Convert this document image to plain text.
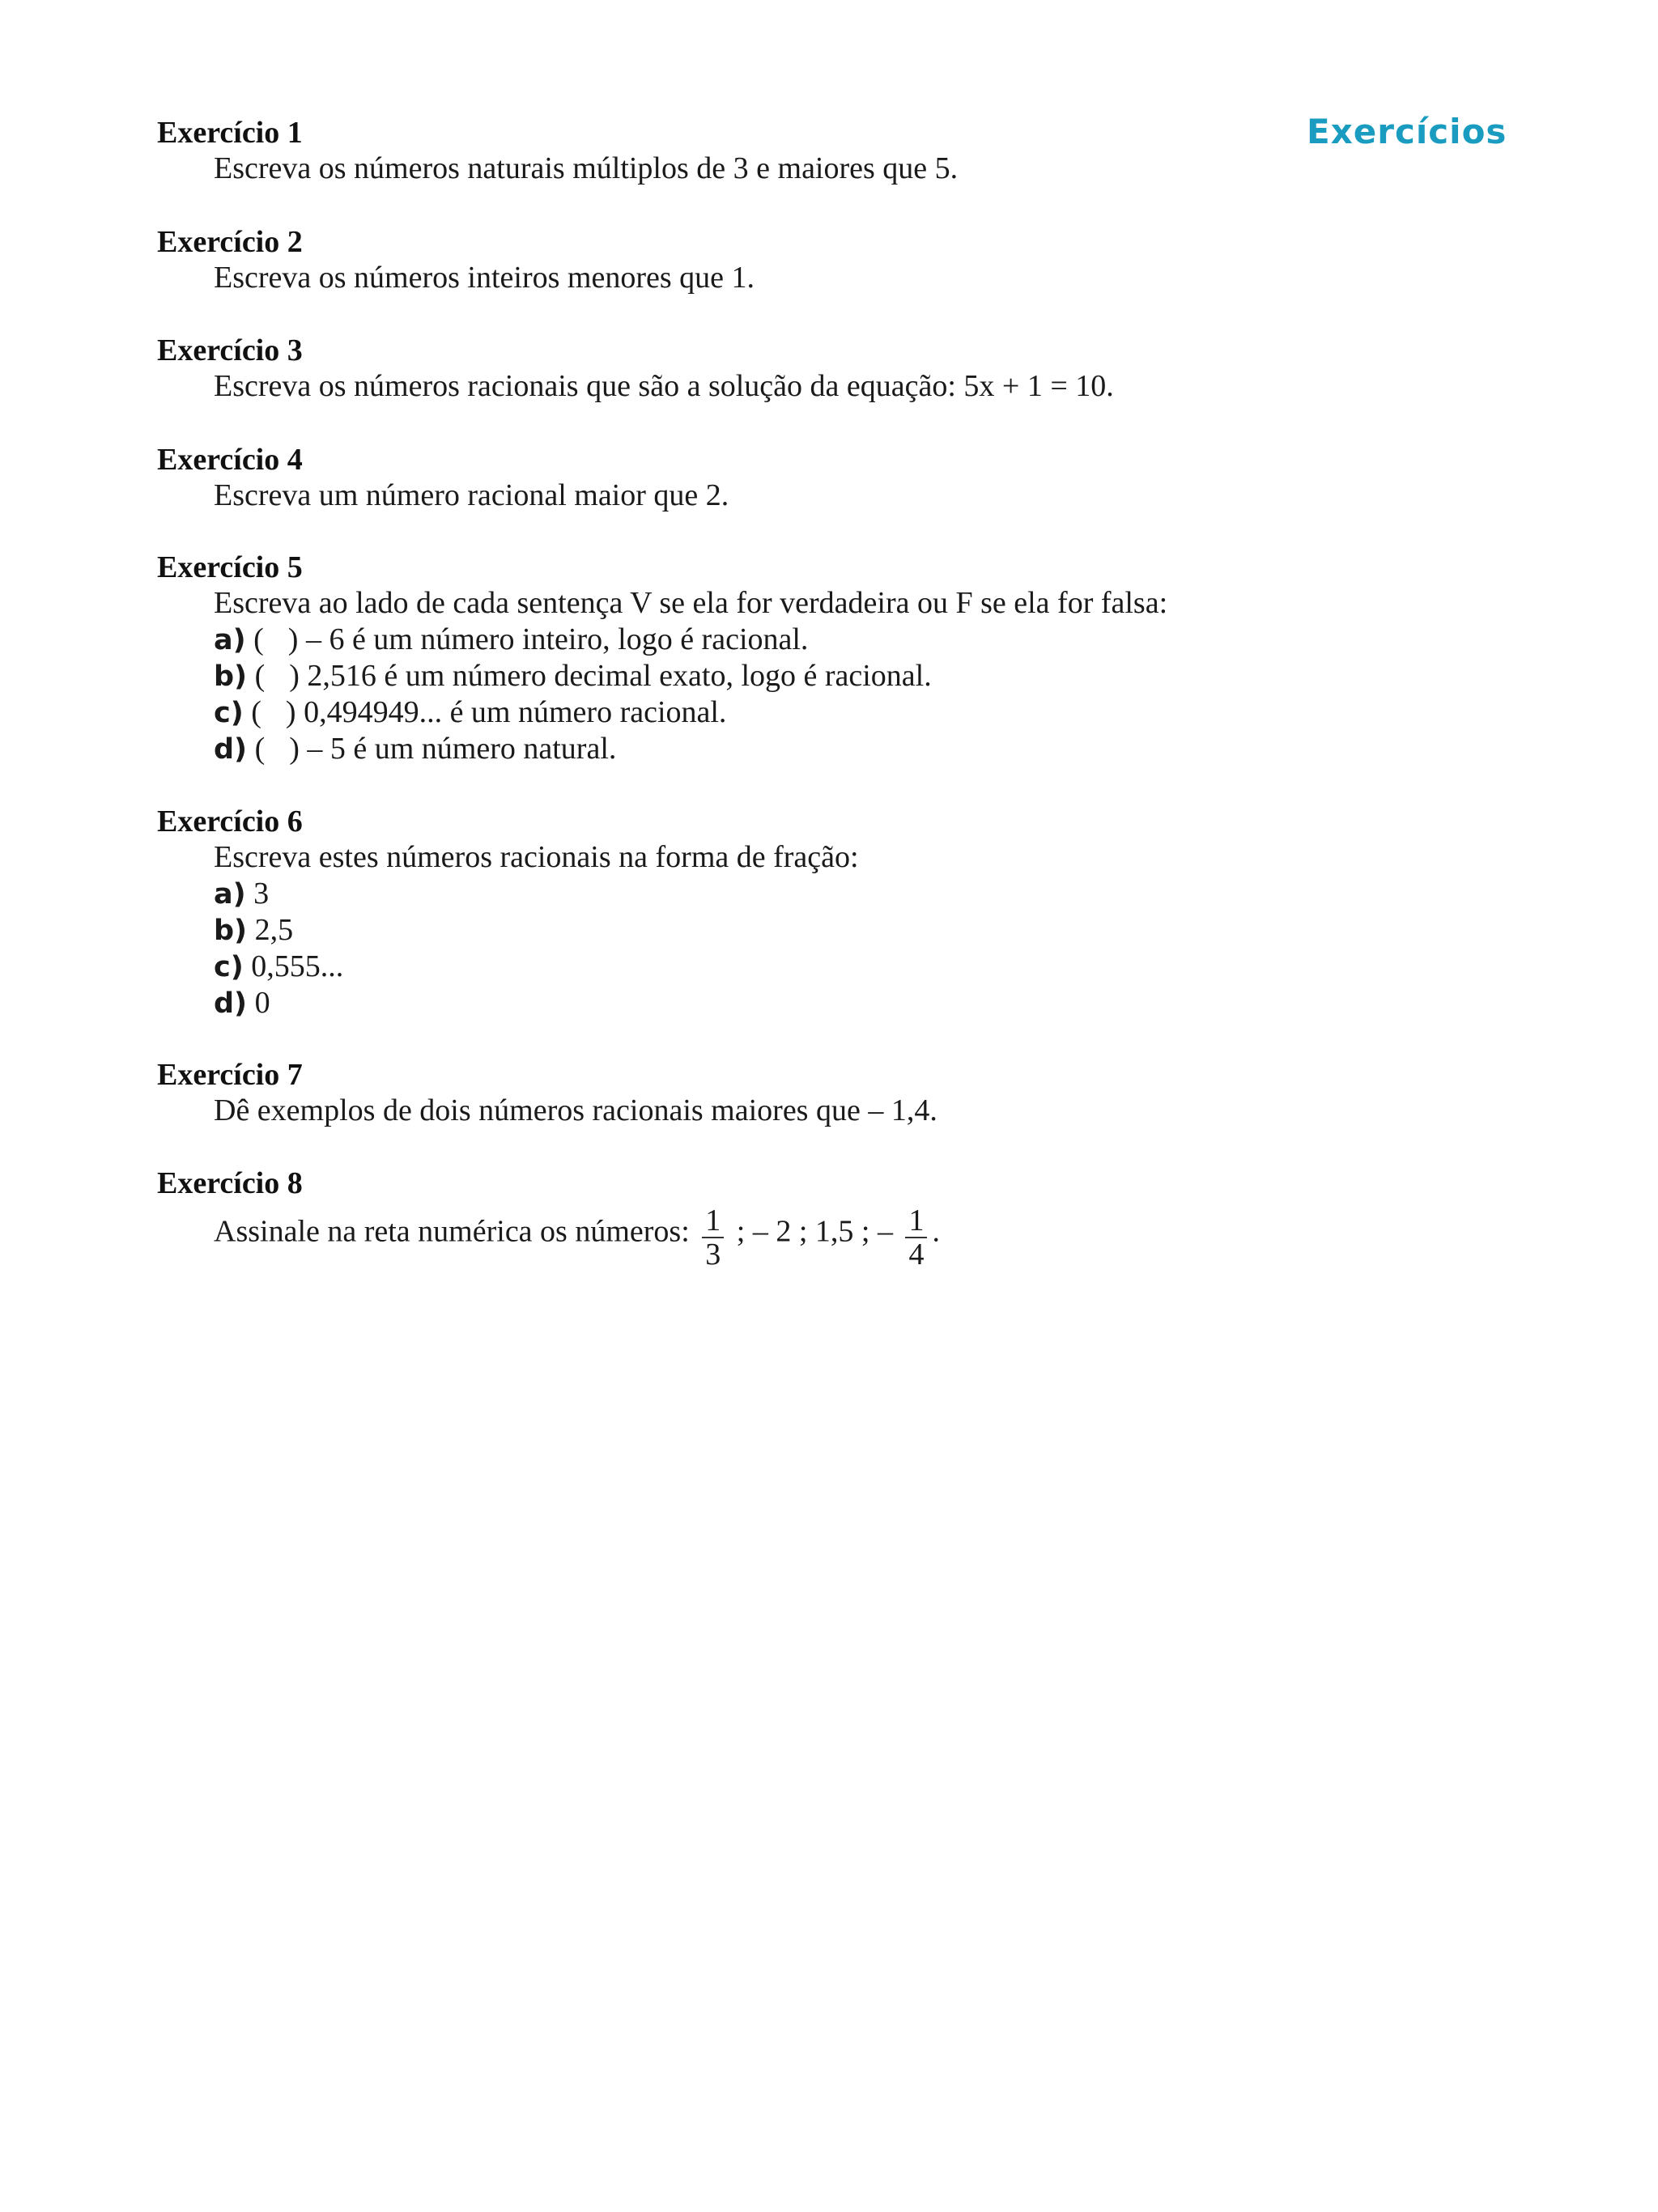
Exercícios
Exercício 1
Escreva os números naturais múltiplos de 3 e maiores que 5.
Exercício 2
Escreva os números inteiros menores que 1.
Exercício 3
Escreva os números racionais que são a solução da equação: 5x + 1 = 10.
Exercício 4
Escreva um número racional maior que 2.
Exercício 5
Escreva ao lado de cada sentença V se ela for verdadeira ou F se ela for falsa:
a) ( ) – 6 é um número inteiro, logo é racional.
b) ( ) 2,516 é um número decimal exato, logo é racional.
c) ( ) 0,494949... é um número racional.
d) ( ) – 5 é um número natural.
Exercício 6
Escreva estes números racionais na forma de fração:
a) 3
b) 2,5
c) 0,555...
d) 0
Exercício 7
Dê exemplos de dois números racionais maiores que – 1,4.
Exercício 8
Assinale na reta numérica os números: $\frac{1}{3}$ ; – 2 ; 1,5 ; – $\frac{1}{4}$ .
